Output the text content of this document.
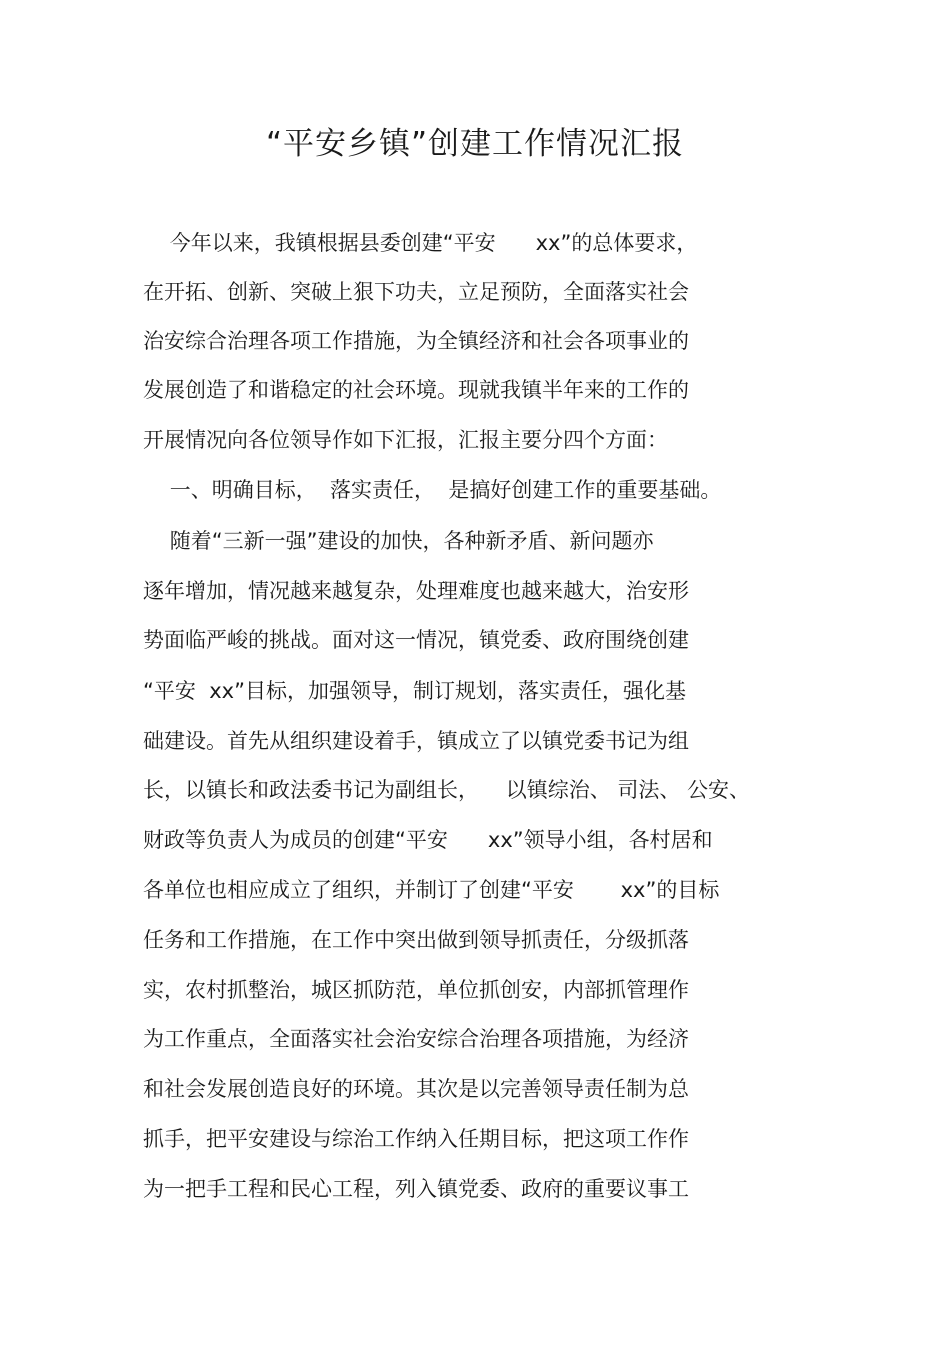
“平安乡镇”创建工作情况汇报
今年以来，我镇根据县委创建“平安      xx”的总体要求，
在开拓、创新、突破上狠下功夫，立足预防，全面落实社会
治安综合治理各项工作措施，为全镇经济和社会各项事业的
发展创造了和谐稳定的社会环境。现就我镇半年来的工作的
开展情况向各位领导作如下汇报，汇报主要分四个方面：
一、明确目标，  落实责任，  是搞好创建工作的重要基础。
随着“三新一强”建设的加快，各种新矛盾、新问题亦
逐年增加，情况越来越复杂，处理难度也越来越大，治安形
势面临严峻的挑战。面对这一情况，镇党委、政府围绕创建
“平安  xx”目标，加强领导，制订规划，落实责任，强化基
础建设。首先从组织建设着手，镇成立了以镇党委书记为组
长，以镇长和政法委书记为副组长，    以镇综治、 司法、 公安、
财政等负责人为成员的创建“平安      xx”领导小组，各村居和
各单位也相应成立了组织，并制订了创建“平安       xx”的目标
任务和工作措施，在工作中突出做到领导抓责任，分级抓落
实，农村抓整治，城区抓防范，单位抓创安，内部抓管理作
为工作重点，全面落实社会治安综合治理各项措施，为经济
和社会发展创造良好的环境。其次是以完善领导责任制为总
抓手，把平安建设与综治工作纳入任期目标，把这项工作作
为一把手工程和民心工程，列入镇党委、政府的重要议事工
